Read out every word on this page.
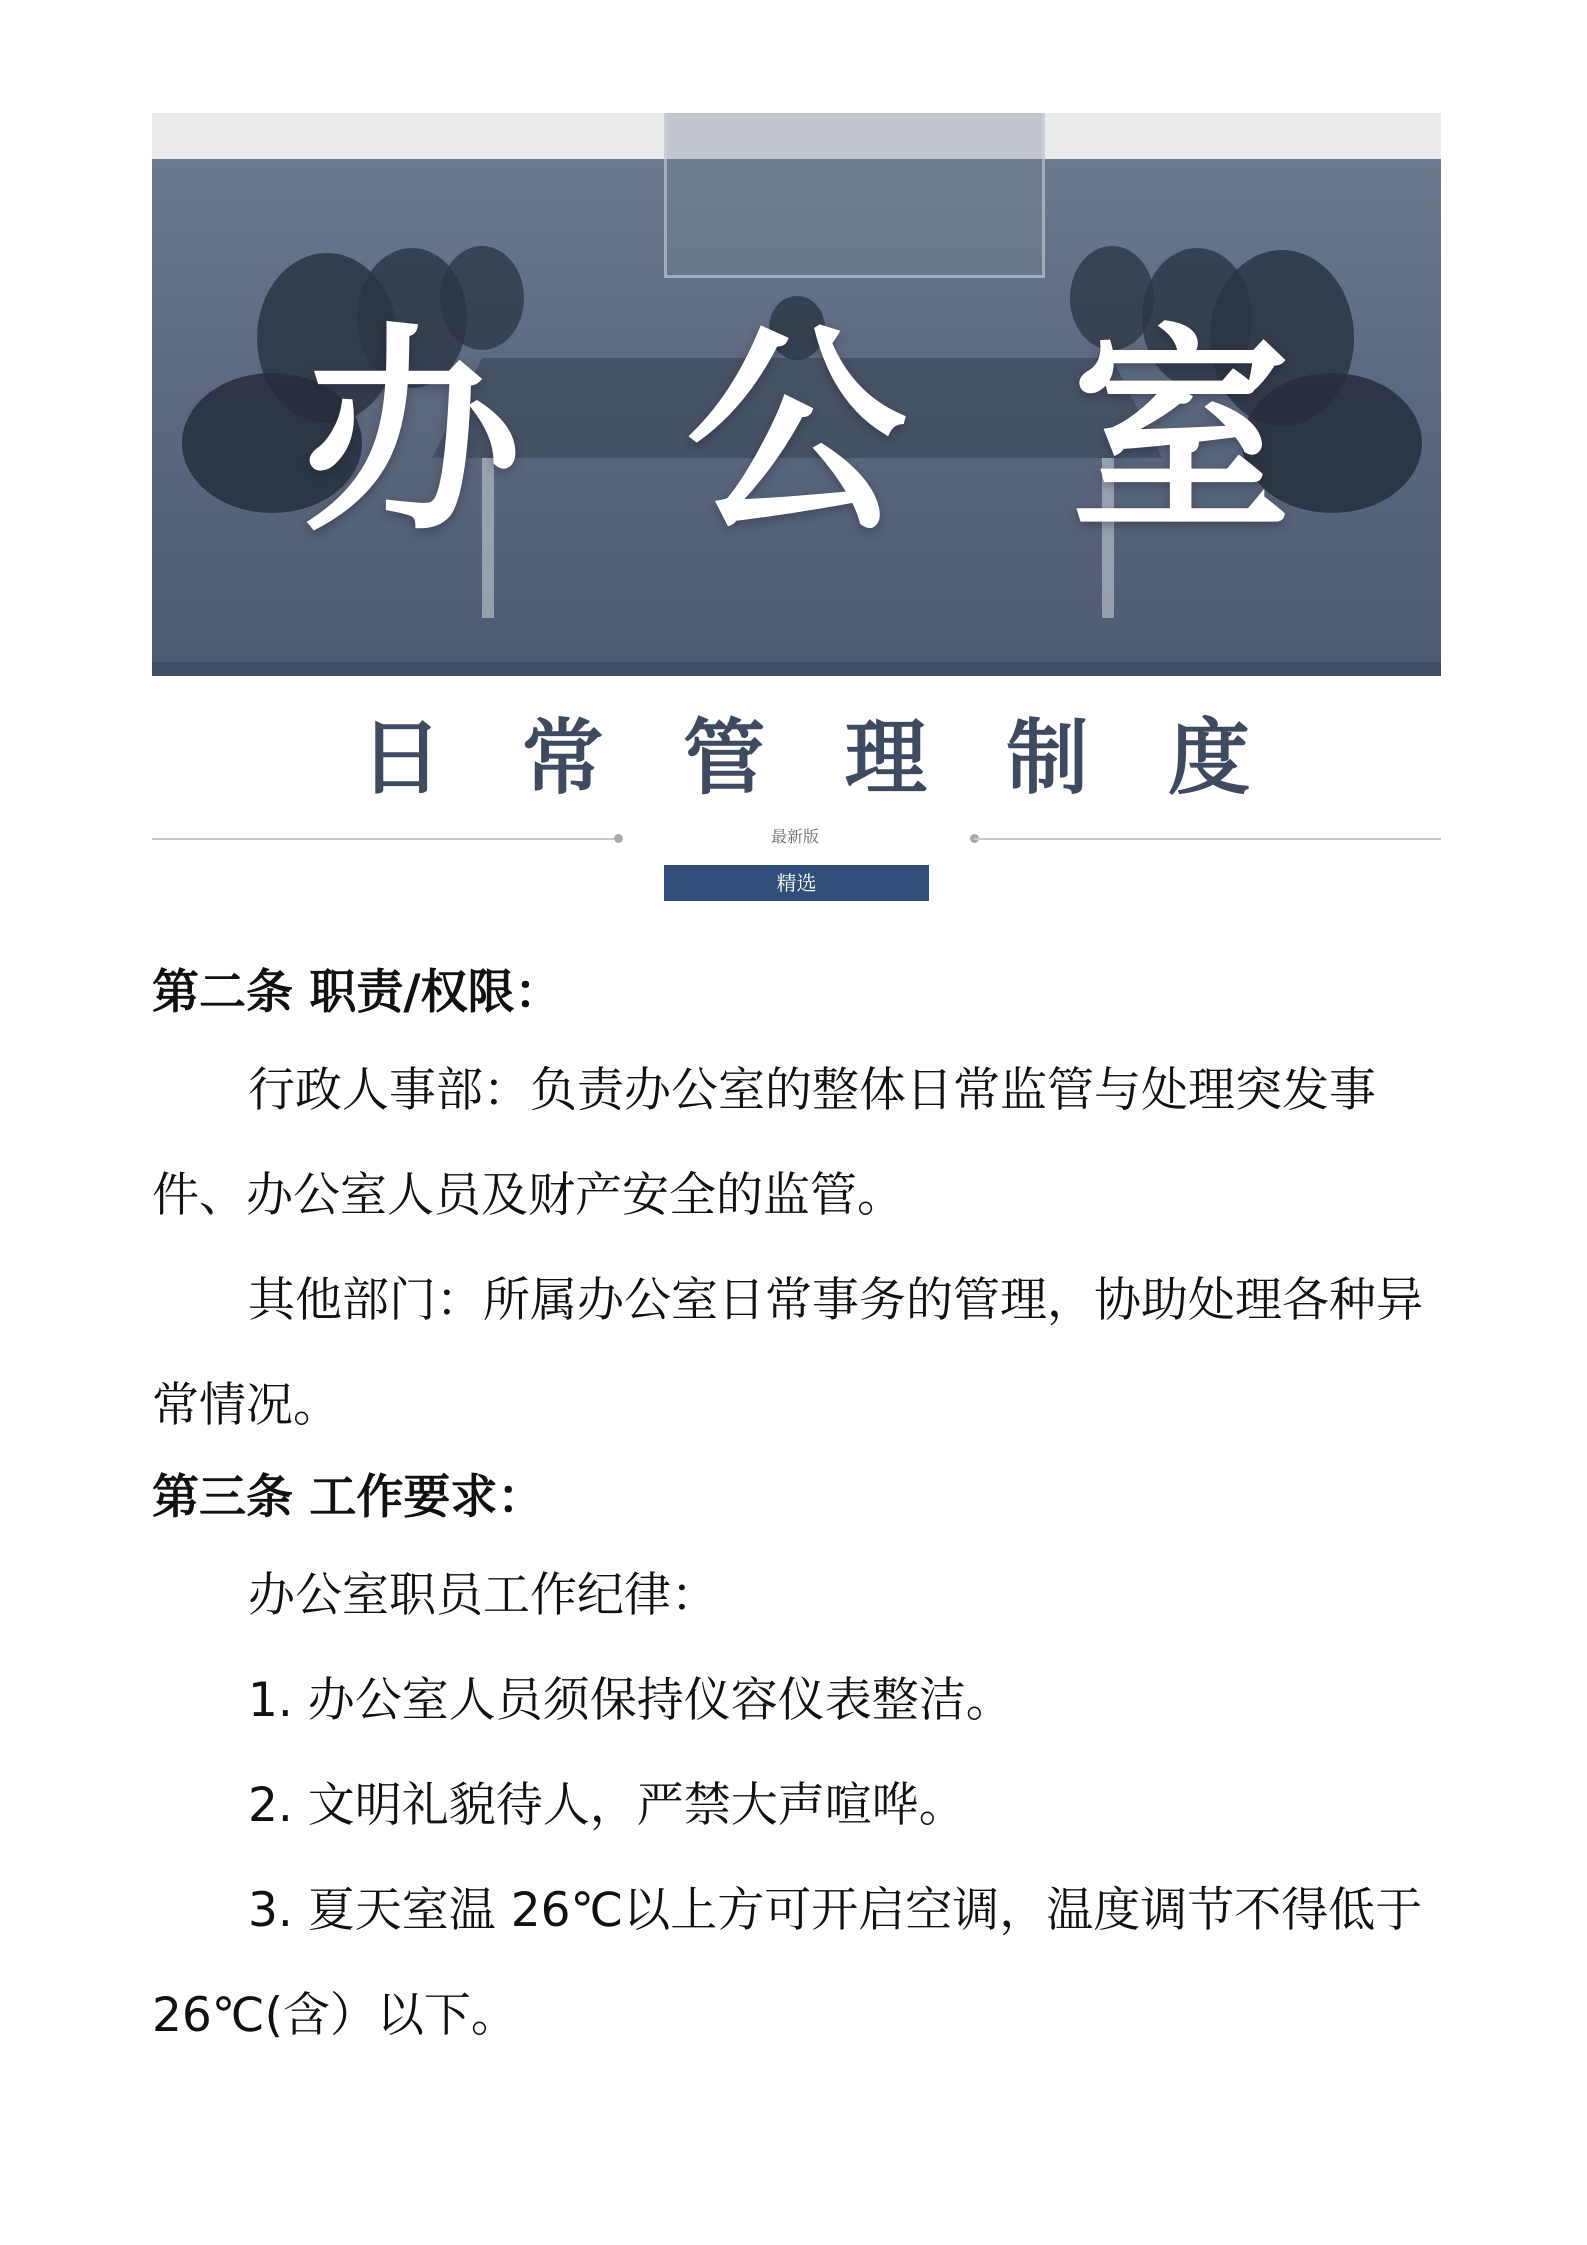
办 公 室
日 常 管 理 制 度
最新版
精选

第二条 职责/权限：

行政人事部：负责办公室的整体日常监管与处理突发事件、办公室人员及财产安全的监管。

其他部门：所属办公室日常事务的管理，协助处理各种异常情况。

第三条 工作要求：

办公室职员工作纪律：

1. 办公室人员须保持仪容仪表整洁。

2. 文明礼貌待人，严禁大声喧哗。

3. 夏天室温 26℃以上方可开启空调，温度调节不得低于 26℃(含）以下。
